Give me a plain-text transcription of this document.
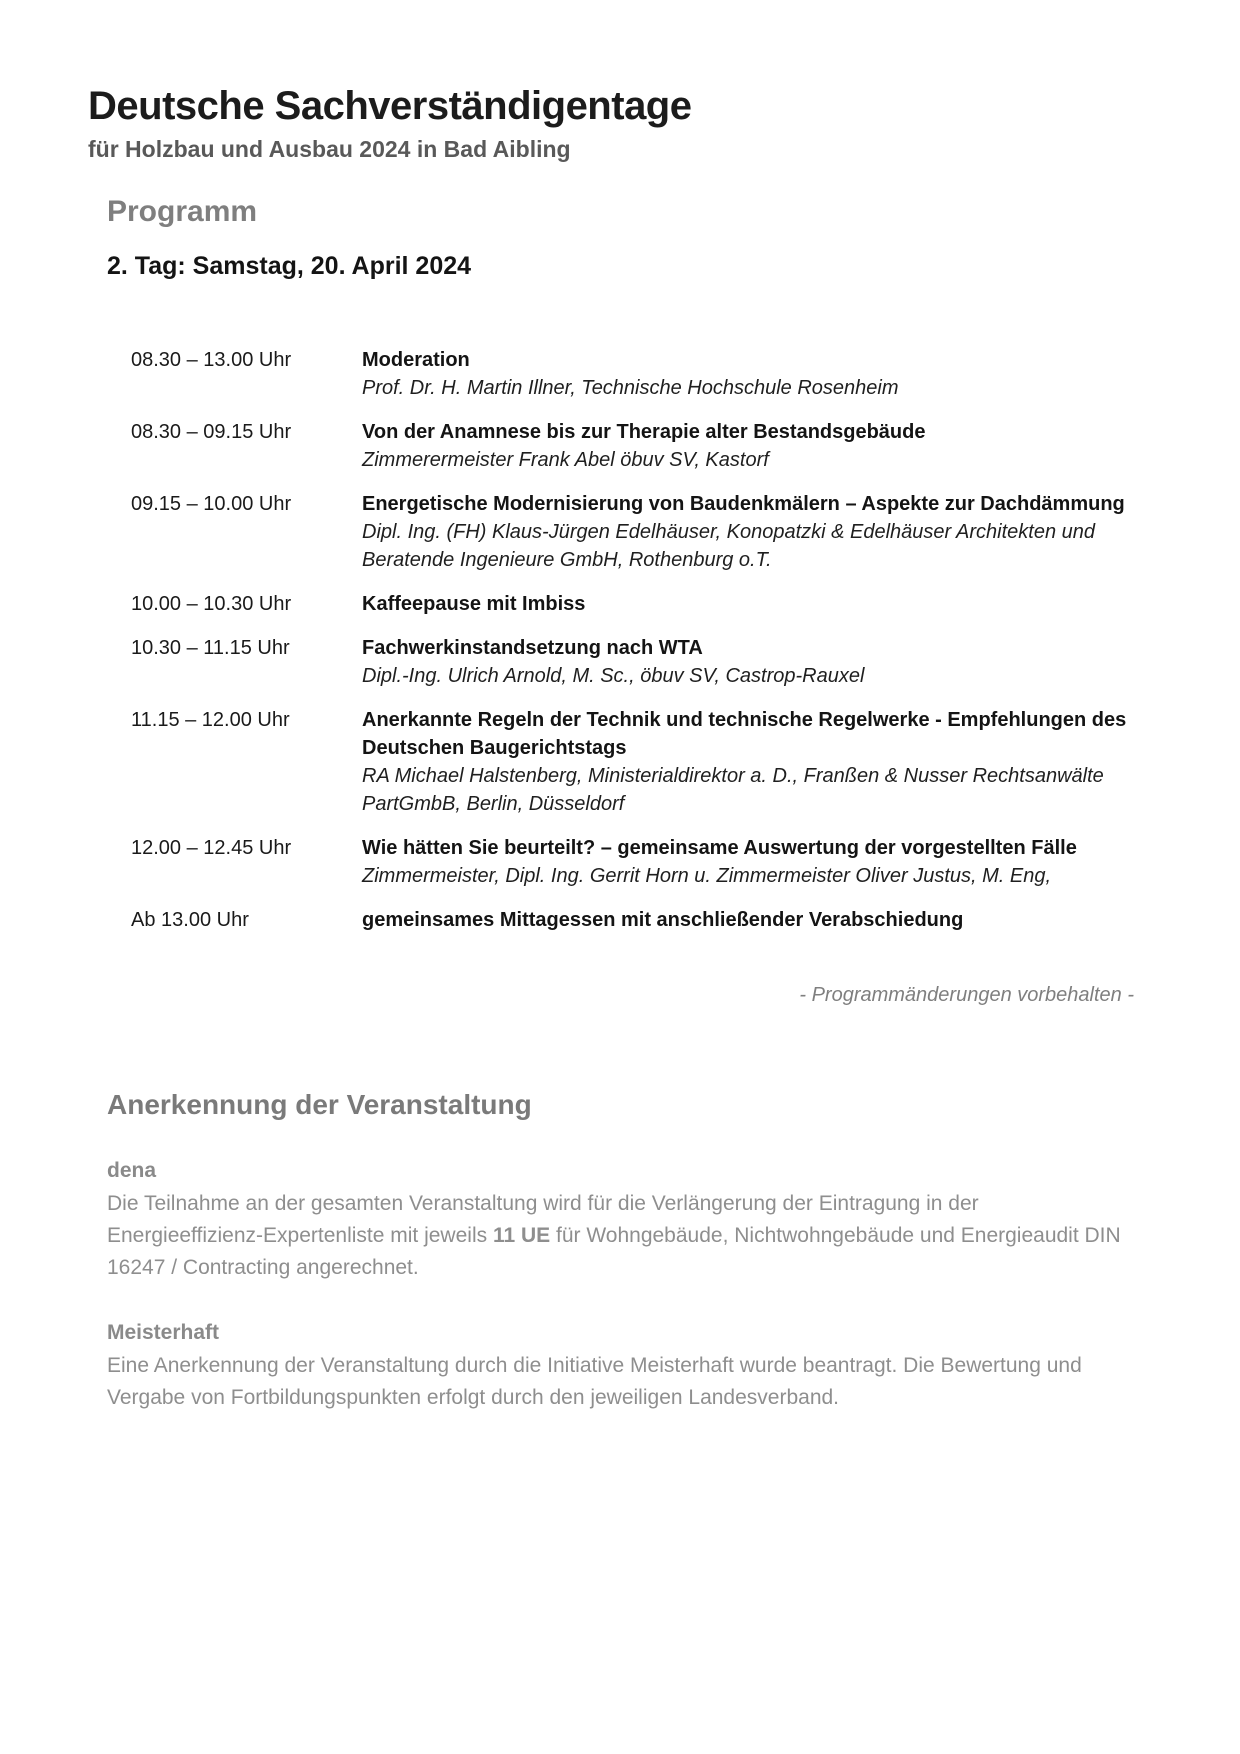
Deutsche Sachverständigentage
für Holzbau und Ausbau 2024 in Bad Aibling
Programm
2. Tag: Samstag, 20. April 2024
08.30 – 13.00 Uhr	Moderation
Prof. Dr. H. Martin Illner, Technische Hochschule Rosenheim
08.30 – 09.15 Uhr	Von der Anamnese bis zur Therapie alter Bestandsgebäude
Zimmerermeister Frank Abel öbuv SV, Kastorf
09.15 – 10.00 Uhr	Energetische Modernisierung von Baudenkmälern – Aspekte zur Dachdämmung
Dipl. Ing. (FH) Klaus-Jürgen Edelhäuser, Konopatzki & Edelhäuser Architekten und Beratende Ingenieure GmbH, Rothenburg o.T.
10.00 – 10.30 Uhr	Kaffeepause mit Imbiss
10.30 – 11.15 Uhr	Fachwerkinstandsetzung nach WTA
Dipl.-Ing. Ulrich Arnold, M. Sc., öbuv SV, Castrop-Rauxel
11.15 – 12.00 Uhr	Anerkannte Regeln der Technik und technische Regelwerke - Empfehlungen des Deutschen Baugerichtstags
RA Michael Halstenberg, Ministerialdirektor a. D., Franßen & Nusser Rechtsanwälte PartGmbB, Berlin, Düsseldorf
12.00 – 12.45 Uhr	Wie hätten Sie beurteilt? – gemeinsame Auswertung der vorgestellten Fälle
Zimmermeister, Dipl. Ing. Gerrit Horn u. Zimmermeister Oliver Justus, M. Eng,
Ab 13.00 Uhr	gemeinsames Mittagessen mit anschließender Verabschiedung
- Programmänderungen vorbehalten -
Anerkennung der Veranstaltung
dena

Die Teilnahme an der gesamten Veranstaltung wird für die Verlängerung der Eintragung in der Energieeffizienz-Expertenliste mit jeweils 11 UE für Wohngebäude, Nichtwohngebäude und Energieaudit DIN 16247 / Contracting angerechnet.

Meisterhaft

Eine Anerkennung der Veranstaltung durch die Initiative Meisterhaft wurde beantragt. Die Bewertung und Vergabe von Fortbildungspunkten erfolgt durch den jeweiligen Landesverband.
